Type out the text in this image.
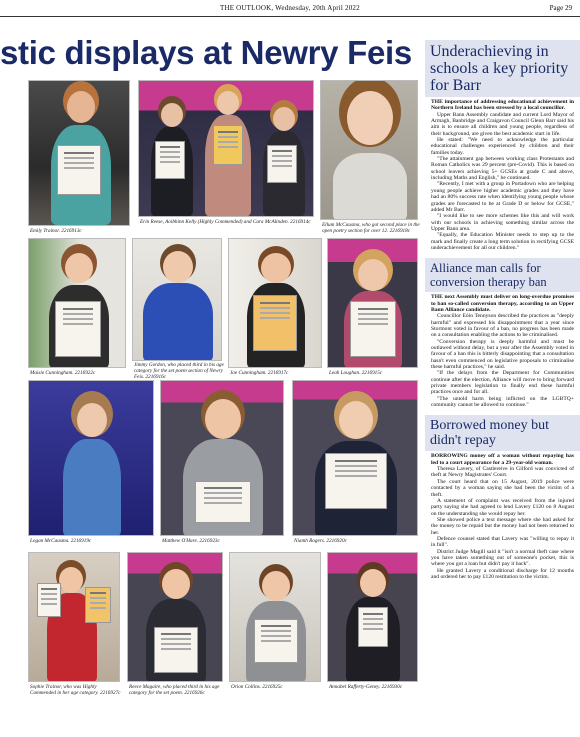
THE OUTLOOK, Wednesday, 20th April 2022	Page 29
stic displays at Newry Feis
Emily Trainor. 2216913c
Erin Reese, Aoibhinn Kelly (Highly Commended) and Cara McAlinden. 2216914c	Ellum McCausma, who got second place in the open poetry section for over 12. 2216918c
Maisie Cunningham. 2216922c
Jimmy Gordon, who placed third in his age category for the set poem section of Newry Feis. 2216916c
Joe Cunningham. 2216917c	Leah Loughan. 2216915c
Logan McCausma. 2216919c	Matthew O'Hare. 2216923c	Niamh Rogers. 2216920c
Sophie Trainor, who was Highly Commended in her age category. 2216927c
Reece Magaire, who placed third in his age category for the set poem. 2216926c
Orion Collins. 2216925c	Annabel Rafferty-Geney. 2216930c
Underachieving in schools a key priority for Barr

THE importance of addressing educational achievement in Northern Ireland has been stressed by a local councillor.

Upper Bann Assembly candidate and current Lord Mayor of Armagh, Banbridge and Craigavon Council Glenn Barr said his aim is to ensure all children and young people, regardless of their background, are given the best academic start in life.

He stated: "We need to acknowledge the particular educational challenges experienced by children and their families today.

"The attainment gap between working class Protestants and Roman Catholics was 29 percent (pre-Covid). This is based on school leavers achieving 5+ GCSEs at grade C and above, including Maths and English," he continued.

"Recently, I met with a group in Portadown who are helping young people achieve higher academic grades and they have had an 80% success rate when identifying young people whose grades are forecasted to be at Grade D or below for GCSE," added Mr Barr.

"I would like to see more schemes like this and will work with our schools in achieving something similar across the Upper Bann area.

"Equally, the Education Minister needs to step up to the mark and finally create a long term solution in rectifying GCSE underachievement for all our children."

Alliance man calls for conversion therapy ban

THE next Assembly must deliver on long-overdue promises to ban so-called conversion therapy, according to an Upper Bann Alliance candidate.

Councillor Eóin Tennyson described the practices as "deeply harmful" and expressed his disappointment that a year since Stormont voted in favour of a ban, no progress has been made on a consultation enabling the actions to be criminalised.

"Conversion therapy is deeply harmful and must be outlawed without delay, but a year after the Assembly voted in favour of a ban this is bitterly disappointing that a consultation hasn't even commenced on legislative proposals to criminalise these harmful practices," he said.

"If the delays from the Department for Communities continue after the election, Alliance will move to bring forward private members legislation to finally end these harmful practices once and for all.

"The untold harm being inflicted on the LGBTQ+ community cannot be allowed to continue."

Borrowed money but didn't repay

BORROWING money off a woman without repaying has led to a court appearance for a 29-year-old woman.

Theresa Lavery, of Castlereive in Gilford was convicted of theft at Newry Magistrates' Court.

The court heard that on 15 August, 2019 police were contacted by a woman saying she had been the victim of a theft.

A statement of complaint was received from the injured party saying she had agreed to lend Lavery £120 on 8 August on the understanding she would repay her.

She showed police a text message where she had asked for the money to be repaid but the money had not been returned to her.

Defence counsel stated that Lavery was "willing to repay it in full".

District Judge Magill said it "isn't a normal theft case where you have taken something out of someone's pocket, this is where you got a loan but didn't pay it back".

He granted Lavery a conditional discharge for 12 months and ordered her to pay £120 restitution to the victim.
